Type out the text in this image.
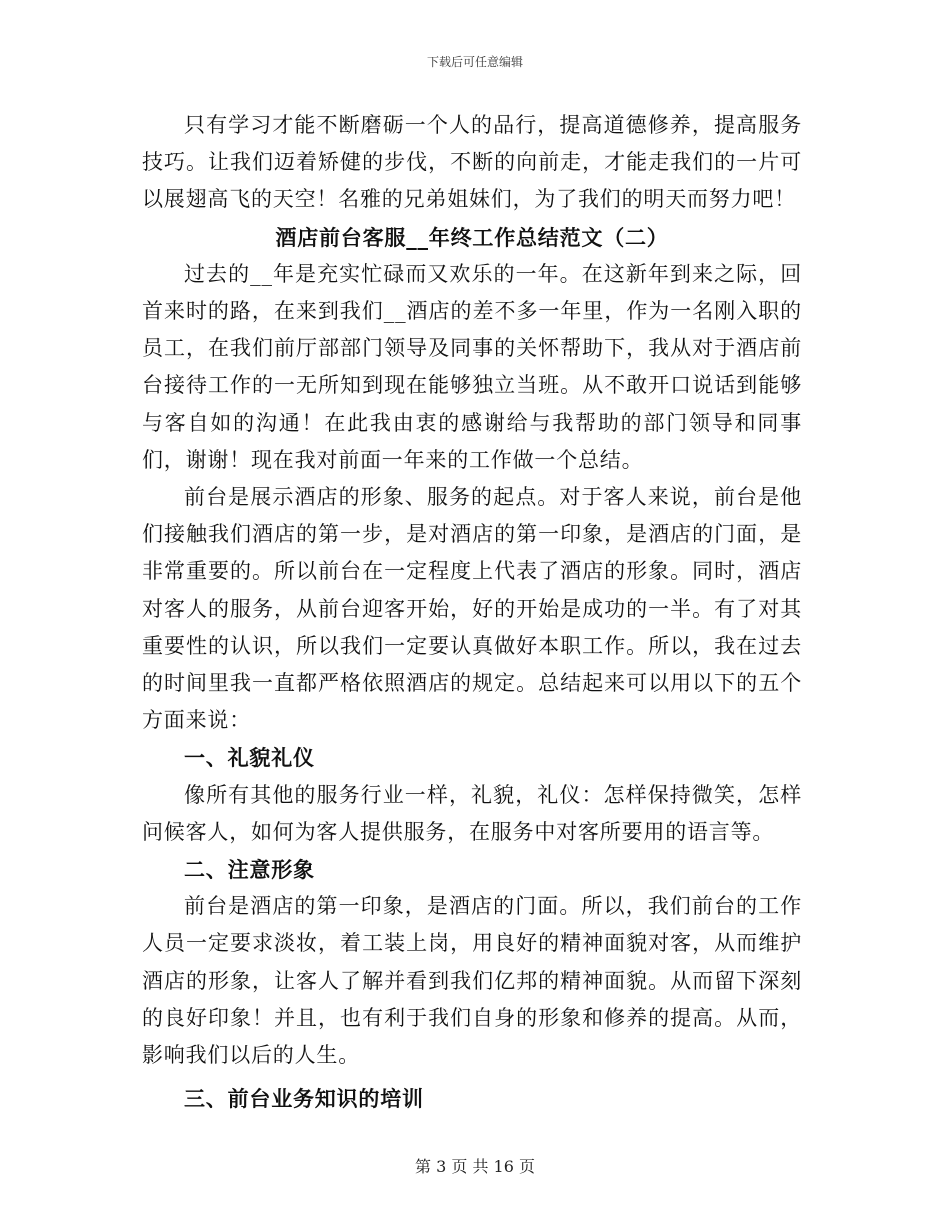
下载后可任意编辑

只有学习才能不断磨砺一个人的品行，提高道德修养，提高服务技巧。让我们迈着矫健的步伐，不断的向前走，才能走我们的一片可以展翅高飞的天空！名雅的兄弟姐妹们，为了我们的明天而努力吧！

酒店前台客服__年终工作总结范文（二）

过去的__年是充实忙碌而又欢乐的一年。在这新年到来之际，回首来时的路，在来到我们__酒店的差不多一年里，作为一名刚入职的员工，在我们前厅部部门领导及同事的关怀帮助下，我从对于酒店前台接待工作的一无所知到现在能够独立当班。从不敢开口说话到能够与客自如的沟通！在此我由衷的感谢给与我帮助的部门领导和同事们，谢谢！现在我对前面一年来的工作做一个总结。

前台是展示酒店的形象、服务的起点。对于客人来说，前台是他们接触我们酒店的第一步，是对酒店的第一印象，是酒店的门面，是非常重要的。所以前台在一定程度上代表了酒店的形象。同时，酒店对客人的服务，从前台迎客开始，好的开始是成功的一半。有了对其重要性的认识，所以我们一定要认真做好本职工作。所以，我在过去的时间里我一直都严格依照酒店的规定。总结起来可以用以下的五个方面来说：

一、礼貌礼仪

像所有其他的服务行业一样，礼貌，礼仪：怎样保持微笑，怎样问候客人，如何为客人提供服务，在服务中对客所要用的语言等。

二、注意形象

前台是酒店的第一印象，是酒店的门面。所以，我们前台的工作人员一定要求淡妆，着工装上岗，用良好的精神面貌对客，从而维护酒店的形象，让客人了解并看到我们亿邦的精神面貌。从而留下深刻的良好印象！并且，也有利于我们自身的形象和修养的提高。从而，影响我们以后的人生。

三、前台业务知识的培训

第 3 页 共 16 页
